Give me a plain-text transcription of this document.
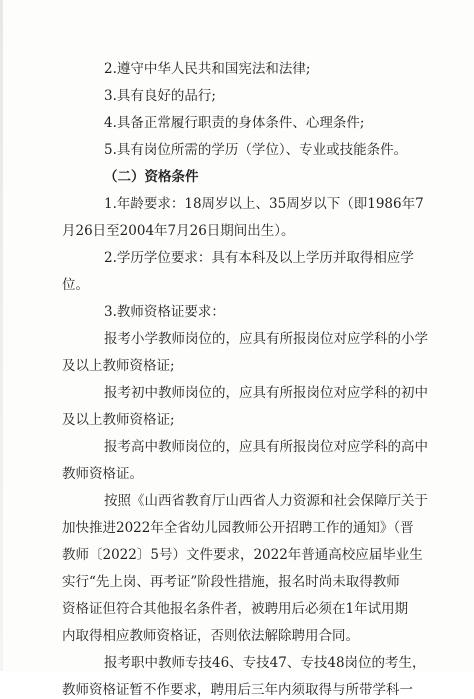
2.遵守中华人民共和国宪法和法律;
3.具有良好的品行;
4.具备正常履行职责的身体条件、心理条件;
5.具有岗位所需的学历（学位）、专业或技能条件。
（二）资格条件
1.年龄要求：18周岁以上、35周岁以下（即1986年7
月26日至2004年7月26日期间出生）。
2.学历学位要求：具有本科及以上学历并取得相应学
位。
3.教师资格证要求：
报考小学教师岗位的，应具有所报岗位对应学科的小学
及以上教师资格证;
报考初中教师岗位的，应具有所报岗位对应学科的初中
及以上教师资格证;
报考高中教师岗位的，应具有所报岗位对应学科的高中
教师资格证。
按照《山西省教育厅山西省人力资源和社会保障厅关于
加快推进2022年全省幼儿园教师公开招聘工作的通知》（晋
教师〔2022〕5号）文件要求，2022年普通高校应届毕业生
实行“先上岗、再考证”阶段性措施，报名时尚未取得教师
资格证但符合其他报名条件者，被聘用后必须在1年试用期
内取得相应教师资格证，否则依法解除聘用合同。
报考职中教师专技46、专技47、专技48岗位的考生，
教师资格证暂不作要求，聘用后三年内须取得与所带学科一
